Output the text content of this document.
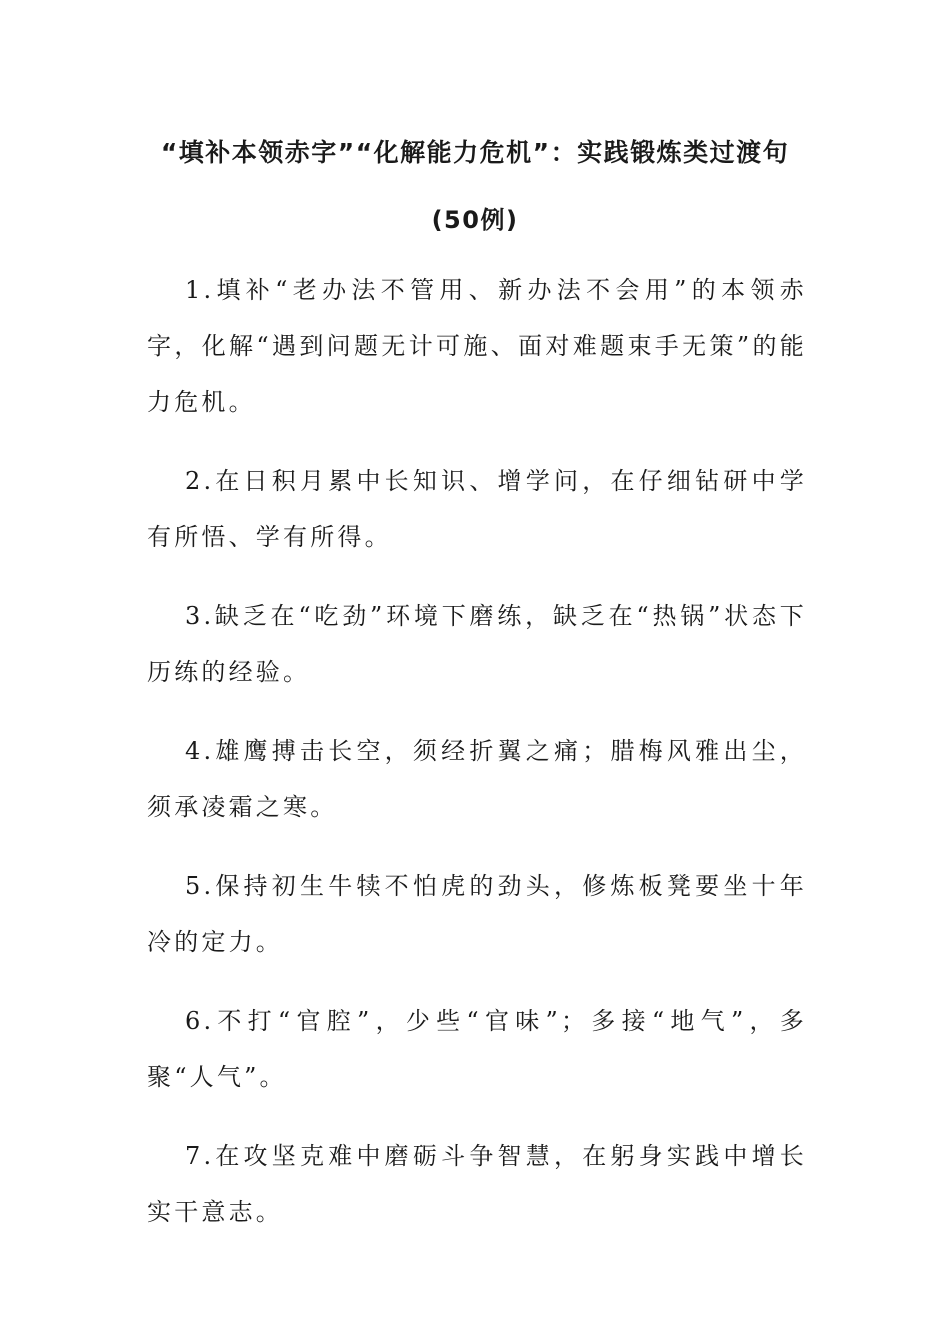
“填补本领赤字”“化解能力危机”：实践锻炼类过渡句
(50例)

1.填补“老办法不管用、新办法不会用”的本领赤字，化解“遇到问题无计可施、面对难题束手无策”的能力危机。

2.在日积月累中长知识、增学问，在仔细钻研中学有所悟、学有所得。

3.缺乏在“吃劲”环境下磨练，缺乏在“热锅”状态下历练的经验。

4.雄鹰搏击长空，须经折翼之痛；腊梅风雅出尘，须承凌霜之寒。

5.保持初生牛犊不怕虎的劲头，修炼板凳要坐十年冷的定力。

6.不打“官腔”，少些“官味”；多接“地气”，多聚“人气”。

7.在攻坚克难中磨砺斗争智慧，在躬身实践中增长实干意志。
